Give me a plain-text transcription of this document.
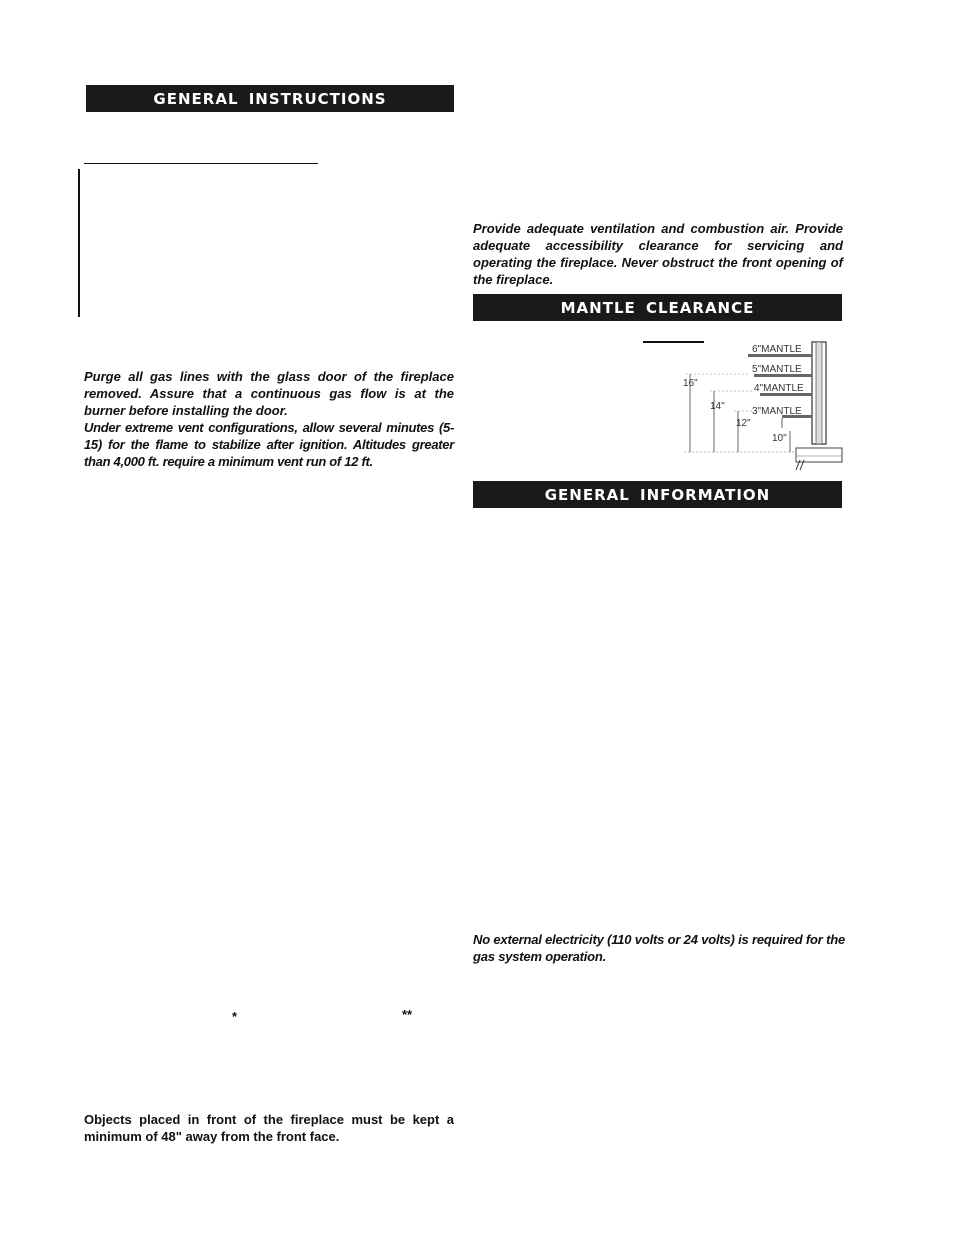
GENERAL INSTRUCTIONS

Purge all gas lines with the glass door of the fireplace removed. Assure that a continuous gas flow is at the burner before installing the door.

Under extreme vent configurations, allow several minutes (5-15) for the flame to stabilize after ignition. Altitudes greater than 4,000 ft. require a minimum vent run of 12 ft.

*	**

Objects placed in front of the fireplace must be kept a minimum of 48" away from the front face.

Provide adequate ventilation and combustion air. Provide adequate accessibility clearance for servicing and operating the fireplace. Never obstruct the front opening of the fireplace.

MANTLE CLEARANCE
6"MANTLE
5"MANTLE
4"MANTLE
3"MANTLE
16"
14"
12"
10"
GENERAL INFORMATION

No external electricity (110 volts or 24 volts) is required for the gas system operation.
